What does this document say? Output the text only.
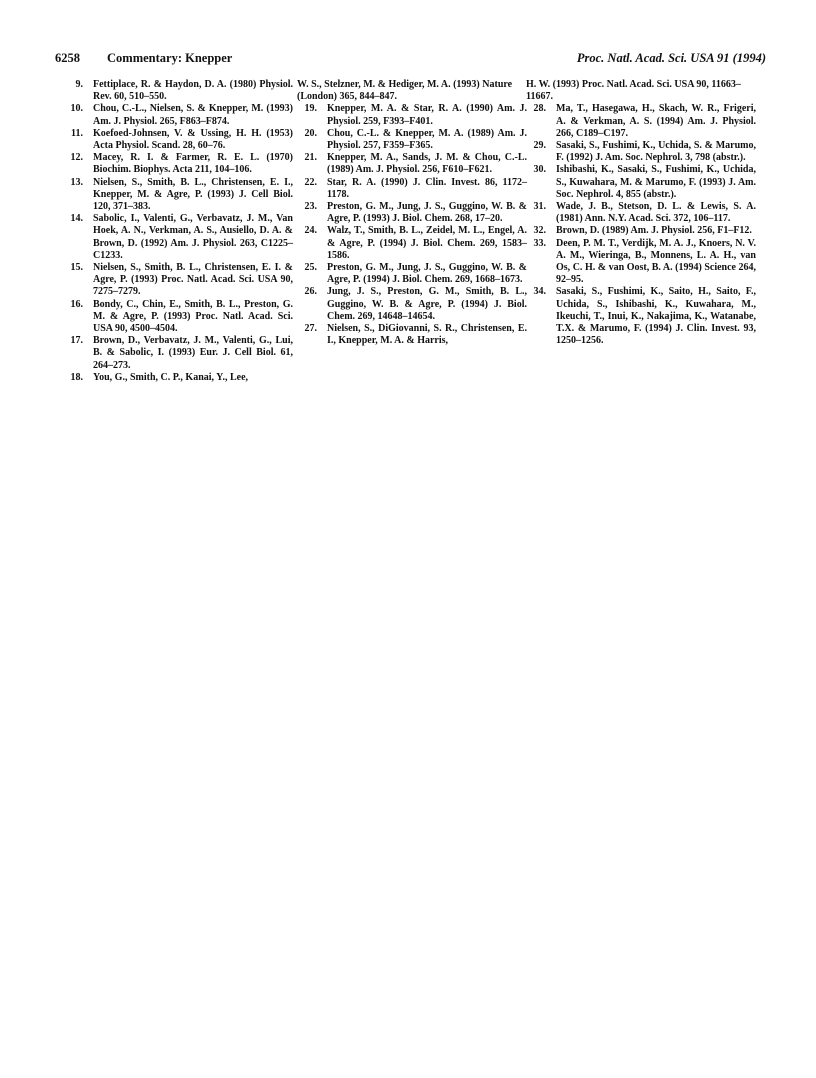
6258 Commentary: Knepper	Proc. Natl. Acad. Sci. USA 91 (1994)
9. Fettiplace, R. & Haydon, D. A. (1980) Physiol. Rev. 60, 510–550.
10. Chou, C.-L., Nielsen, S. & Knepper, M. (1993) Am. J. Physiol. 265, F863–F874.
11. Koefoed-Johnsen, V. & Ussing, H. H. (1953) Acta Physiol. Scand. 28, 60–76.
12. Macey, R. I. & Farmer, R. E. L. (1970) Biochim. Biophys. Acta 211, 104–106.
13. Nielsen, S., Smith, B. L., Christensen, E. I., Knepper, M. & Agre, P. (1993) J. Cell Biol. 120, 371–383.
14. Sabolic, I., Valenti, G., Verbavatz, J. M., Van Hoek, A. N., Verkman, A. S., Ausiello, D. A. & Brown, D. (1992) Am. J. Physiol. 263, C1225–C1233.
15. Nielsen, S., Smith, B. L., Christensen, E. I. & Agre, P. (1993) Proc. Natl. Acad. Sci. USA 90, 7275–7279.
16. Bondy, C., Chin, E., Smith, B. L., Preston, G. M. & Agre, P. (1993) Proc. Natl. Acad. Sci. USA 90, 4500–4504.
17. Brown, D., Verbavatz, J. M., Valenti, G., Lui, B. & Sabolic, I. (1993) Eur. J. Cell Biol. 61, 264–273.
18. You, G., Smith, C. P., Kanai, Y., Lee,
W. S., Stelzner, M. & Hediger, M. A. (1993) Nature (London) 365, 844–847.
19. Knepper, M. A. & Star, R. A. (1990) Am. J. Physiol. 259, F393–F401.
20. Chou, C.-L. & Knepper, M. A. (1989) Am. J. Physiol. 257, F359–F365.
21. Knepper, M. A., Sands, J. M. & Chou, C.-L. (1989) Am. J. Physiol. 256, F610–F621.
22. Star, R. A. (1990) J. Clin. Invest. 86, 1172–1178.
23. Preston, G. M., Jung, J. S., Guggino, W. B. & Agre, P. (1993) J. Biol. Chem. 268, 17–20.
24. Walz, T., Smith, B. L., Zeidel, M. L., Engel, A. & Agre, P. (1994) J. Biol. Chem. 269, 1583–1586.
25. Preston, G. M., Jung, J. S., Guggino, W. B. & Agre, P. (1994) J. Biol. Chem. 269, 1668–1673.
26. Jung, J. S., Preston, G. M., Smith, B. L., Guggino, W. B. & Agre, P. (1994) J. Biol. Chem. 269, 14648–14654.
27. Nielsen, S., DiGiovanni, S. R., Christensen, E. I., Knepper, M. A. & Harris,
H. W. (1993) Proc. Natl. Acad. Sci. USA 90, 11663–11667.
28. Ma, T., Hasegawa, H., Skach, W. R., Frigeri, A. & Verkman, A. S. (1994) Am. J. Physiol. 266, C189–C197.
29. Sasaki, S., Fushimi, K., Uchida, S. & Marumo, F. (1992) J. Am. Soc. Nephrol. 3, 798 (abstr.).
30. Ishibashi, K., Sasaki, S., Fushimi, K., Uchida, S., Kuwahara, M. & Marumo, F. (1993) J. Am. Soc. Nephrol. 4, 855 (abstr.).
31. Wade, J. B., Stetson, D. L. & Lewis, S. A. (1981) Ann. N.Y. Acad. Sci. 372, 106–117.
32. Brown, D. (1989) Am. J. Physiol. 256, F1–F12.
33. Deen, P. M. T., Verdijk, M. A. J., Knoers, N. V. A. M., Wieringa, B., Monnens, L. A. H., van Os, C. H. & van Oost, B. A. (1994) Science 264, 92–95.
34. Sasaki, S., Fushimi, K., Saito, H., Saito, F., Uchida, S., Ishibashi, K., Kuwahara, M., Ikeuchi, T., Inui, K., Nakajima, K., Watanabe, T.X. & Marumo, F. (1994) J. Clin. Invest. 93, 1250–1256.
